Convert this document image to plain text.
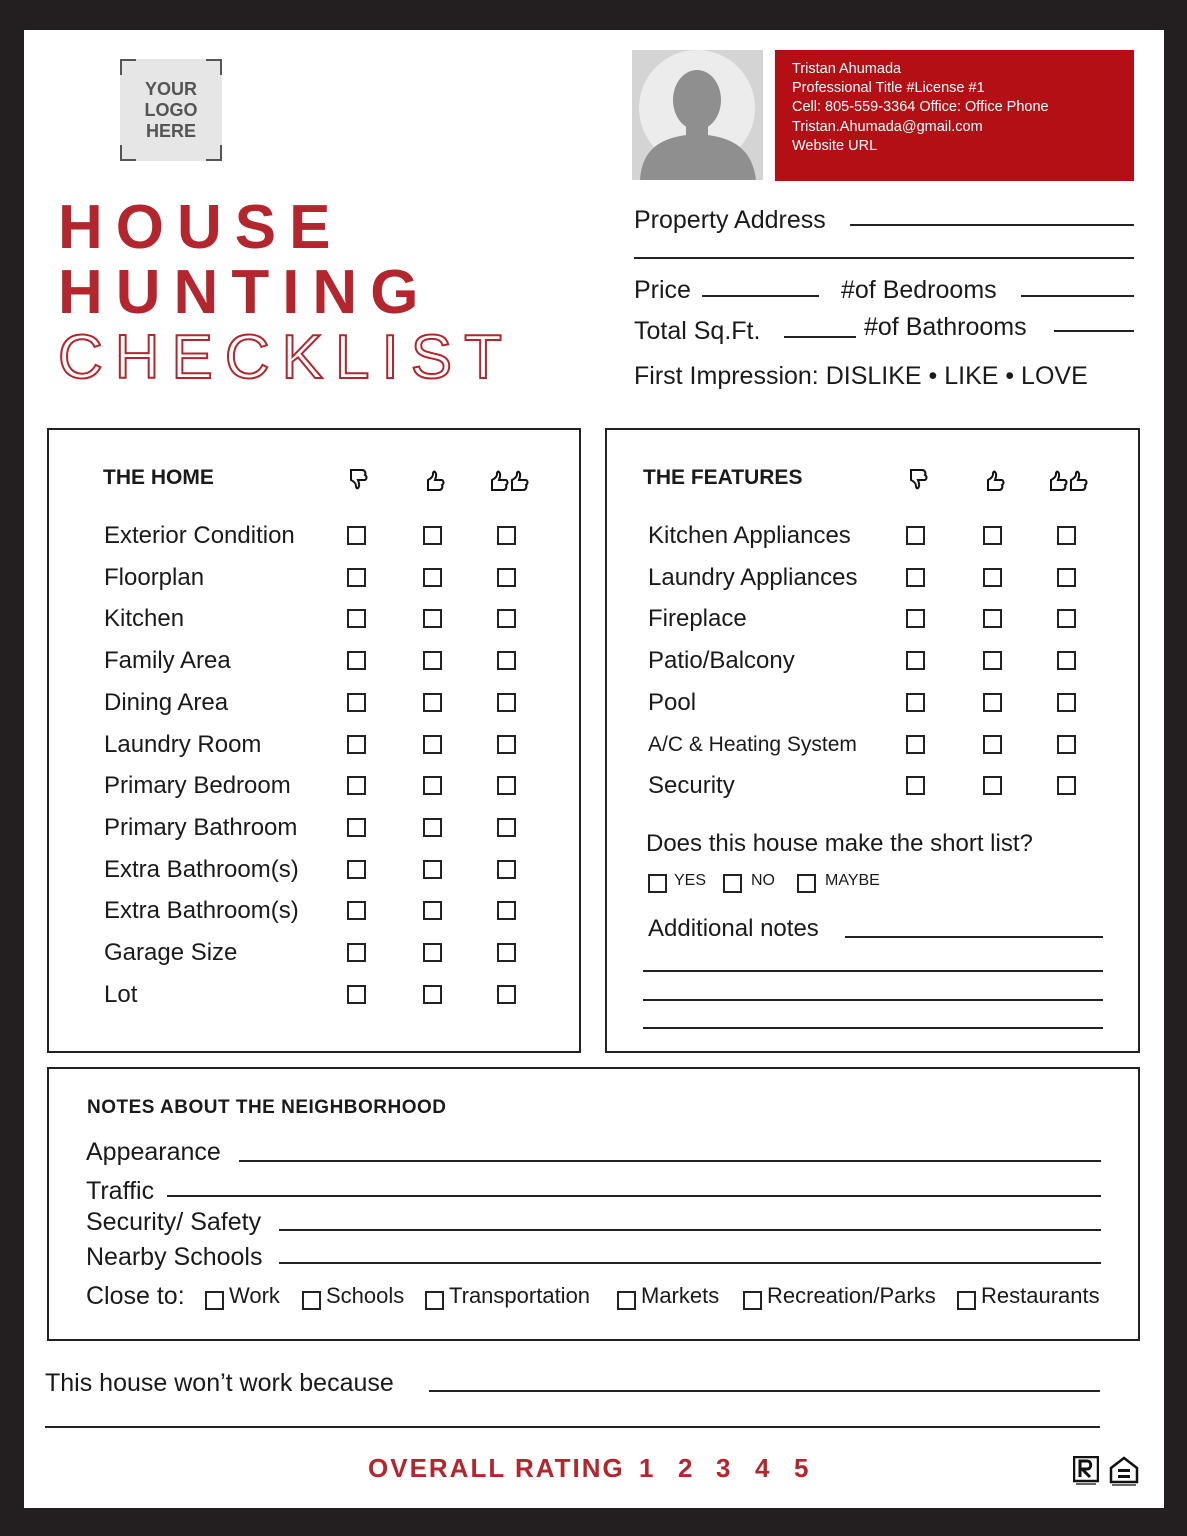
YOUR
LOGO
HERE
Tristan Ahumada
Professional Title #License #1
Cell: 805-559-3364 Office: Office Phone
Tristan.Ahumada@gmail.com
Website URL
HOUSE
HUNTING
CHECKLIST
Property Address
Price	#of Bedrooms
Total Sq.Ft.	#of Bathrooms
First Impression: DISLIKE • LIKE • LOVE
THE HOME
Exterior Condition
Floorplan
Kitchen
Family Area
Dining Area
Laundry Room
Primary Bedroom
Primary Bathroom
Extra Bathroom(s)
Extra Bathroom(s)
Garage Size
Lot
THE FEATURES
Kitchen Appliances
Laundry Appliances
Fireplace
Patio/Balcony
Pool
A/C & Heating System
Security
Does this house make the short list?
YES	NO	MAYBE
Additional notes
NOTES ABOUT THE NEIGHBORHOOD
Appearance
Traffic
Security/ Safety
Nearby Schools
Close to: Work Schools Transportation Markets Recreation/Parks Restaurants
This house won’t work because
OVERALL RATING 1 2 3 4 5
